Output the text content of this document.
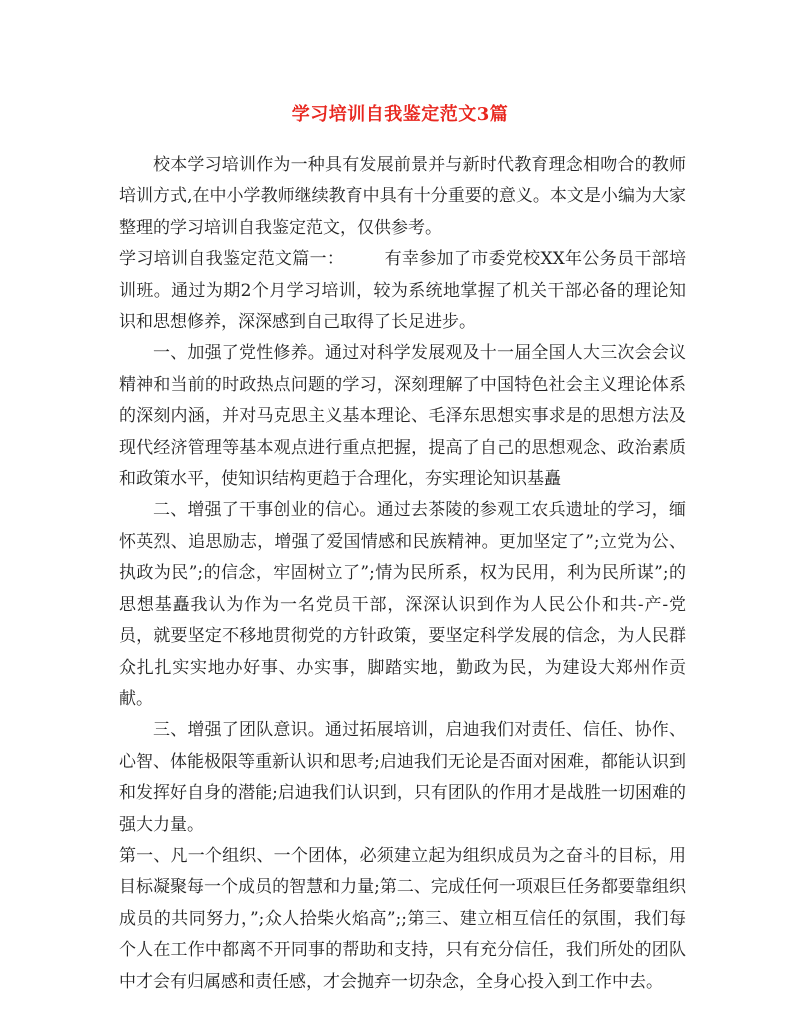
学习培训自我鉴定范文3篇

校本学习培训作为一种具有发展前景并与新时代教育理念相吻合的教师培训方式,在中小学教师继续教育中具有十分重要的意义。本文是小编为大家整理的学习培训自我鉴定范文，仅供参考。

学习培训自我鉴定范文篇一： 有幸参加了市委党校XX年公务员干部培训班。通过为期2个月学习培训，较为系统地掌握了机关干部必备的理论知识和思想修养，深深感到自己取得了长足进步。

一、加强了党性修养。通过对科学发展观及十一届全国人大三次会会议精神和当前的时政热点问题的学习，深刻理解了中国特色社会主义理论体系的深刻内涵，并对马克思主义基本理论、毛泽东思想实事求是的思想方法及现代经济管理等基本观点进行重点把握，提高了自己的思想观念、政治素质和政策水平，使知识结构更趋于合理化，夯实理论知识基矗

二、增强了干事创业的信心。通过去茶陵的参观工农兵遗址的学习，缅怀英烈、追思励志，增强了爱国情感和民族精神。更加坚定了”;立党为公、执政为民”;的信念，牢固树立了”;情为民所系，权为民用，利为民所谋”;的思想基矗我认为作为一名党员干部，深深认识到作为人民公仆和共-产-党员，就要坚定不移地贯彻党的方针政策，要坚定科学发展的信念，为人民群众扎扎实实地办好事、办实事，脚踏实地，勤政为民，为建设大郑州作贡献。

三、增强了团队意识。通过拓展培训，启迪我们对责任、信任、协作、心智、体能极限等重新认识和思考;启迪我们无论是否面对困难，都能认识到和发挥好自身的潜能;启迪我们认识到，只有团队的作用才是战胜一切困难的强大力量。

第一、凡一个组织、一个团体，必须建立起为组织成员为之奋斗的目标，用目标凝聚每一个成员的智慧和力量;第二、完成任何一项艰巨任务都要靠组织成员的共同努力，”;众人拾柴火焰高”;;第三、建立相互信任的氛围，我们每个人在工作中都离不开同事的帮助和支持，只有充分信任，我们所处的团队中才会有归属感和责任感，才会抛弃一切杂念，全身心投入到工作中去。
